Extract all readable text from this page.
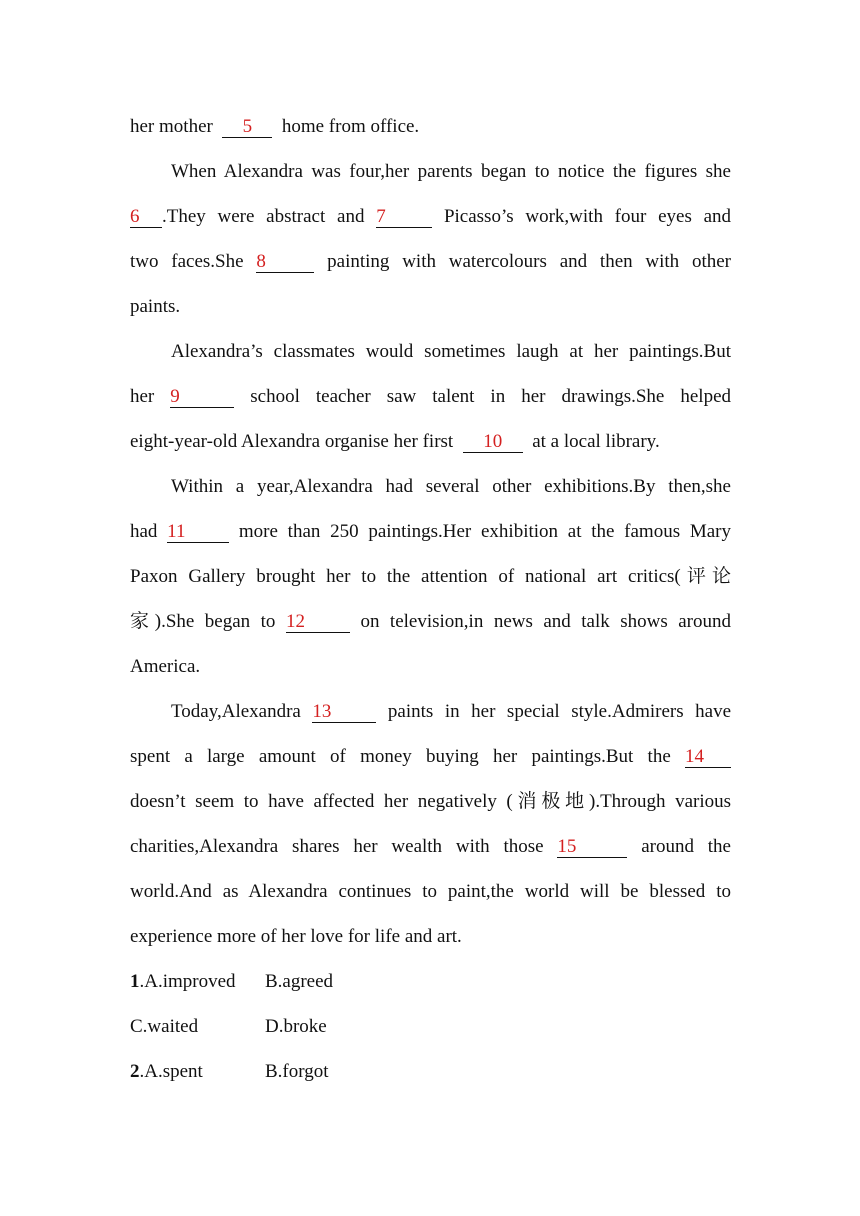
her mother 5 home from office.
When Alexandra was four,her parents began to notice the figures she
6 .They were abstract and 7	Picasso’s work,with four eyes and
two faces.She 8	painting with watercolours and then with other
paints.
Alexandra’s classmates would sometimes laugh at her paintings.But
her 9	school teacher saw talent in her drawings.She helped
eight-year-old Alexandra organise her first 10 at a local library.
Within a year,Alexandra had several other exhibitions.By then,she
had 11	more than 250 paintings.Her exhibition at the famous Mary
Paxon Gallery brought her to the attention of national art critics(评论
家).She began to 12	on television,in news and talk shows around
America.
Today,Alexandra 13	paints in her special style.Admirers have
spent a large amount of money buying her paintings.But the 14
doesn’t seem to have affected her negatively (消极地).Through various
charities,Alexandra shares her wealth with those 15	around the
world.And as Alexandra continues to paint,the world will be blessed to
experience more of her love for life and art.
1.A.improved B.agreed
C.waited	D.broke
2.A.spent	B.forgot
